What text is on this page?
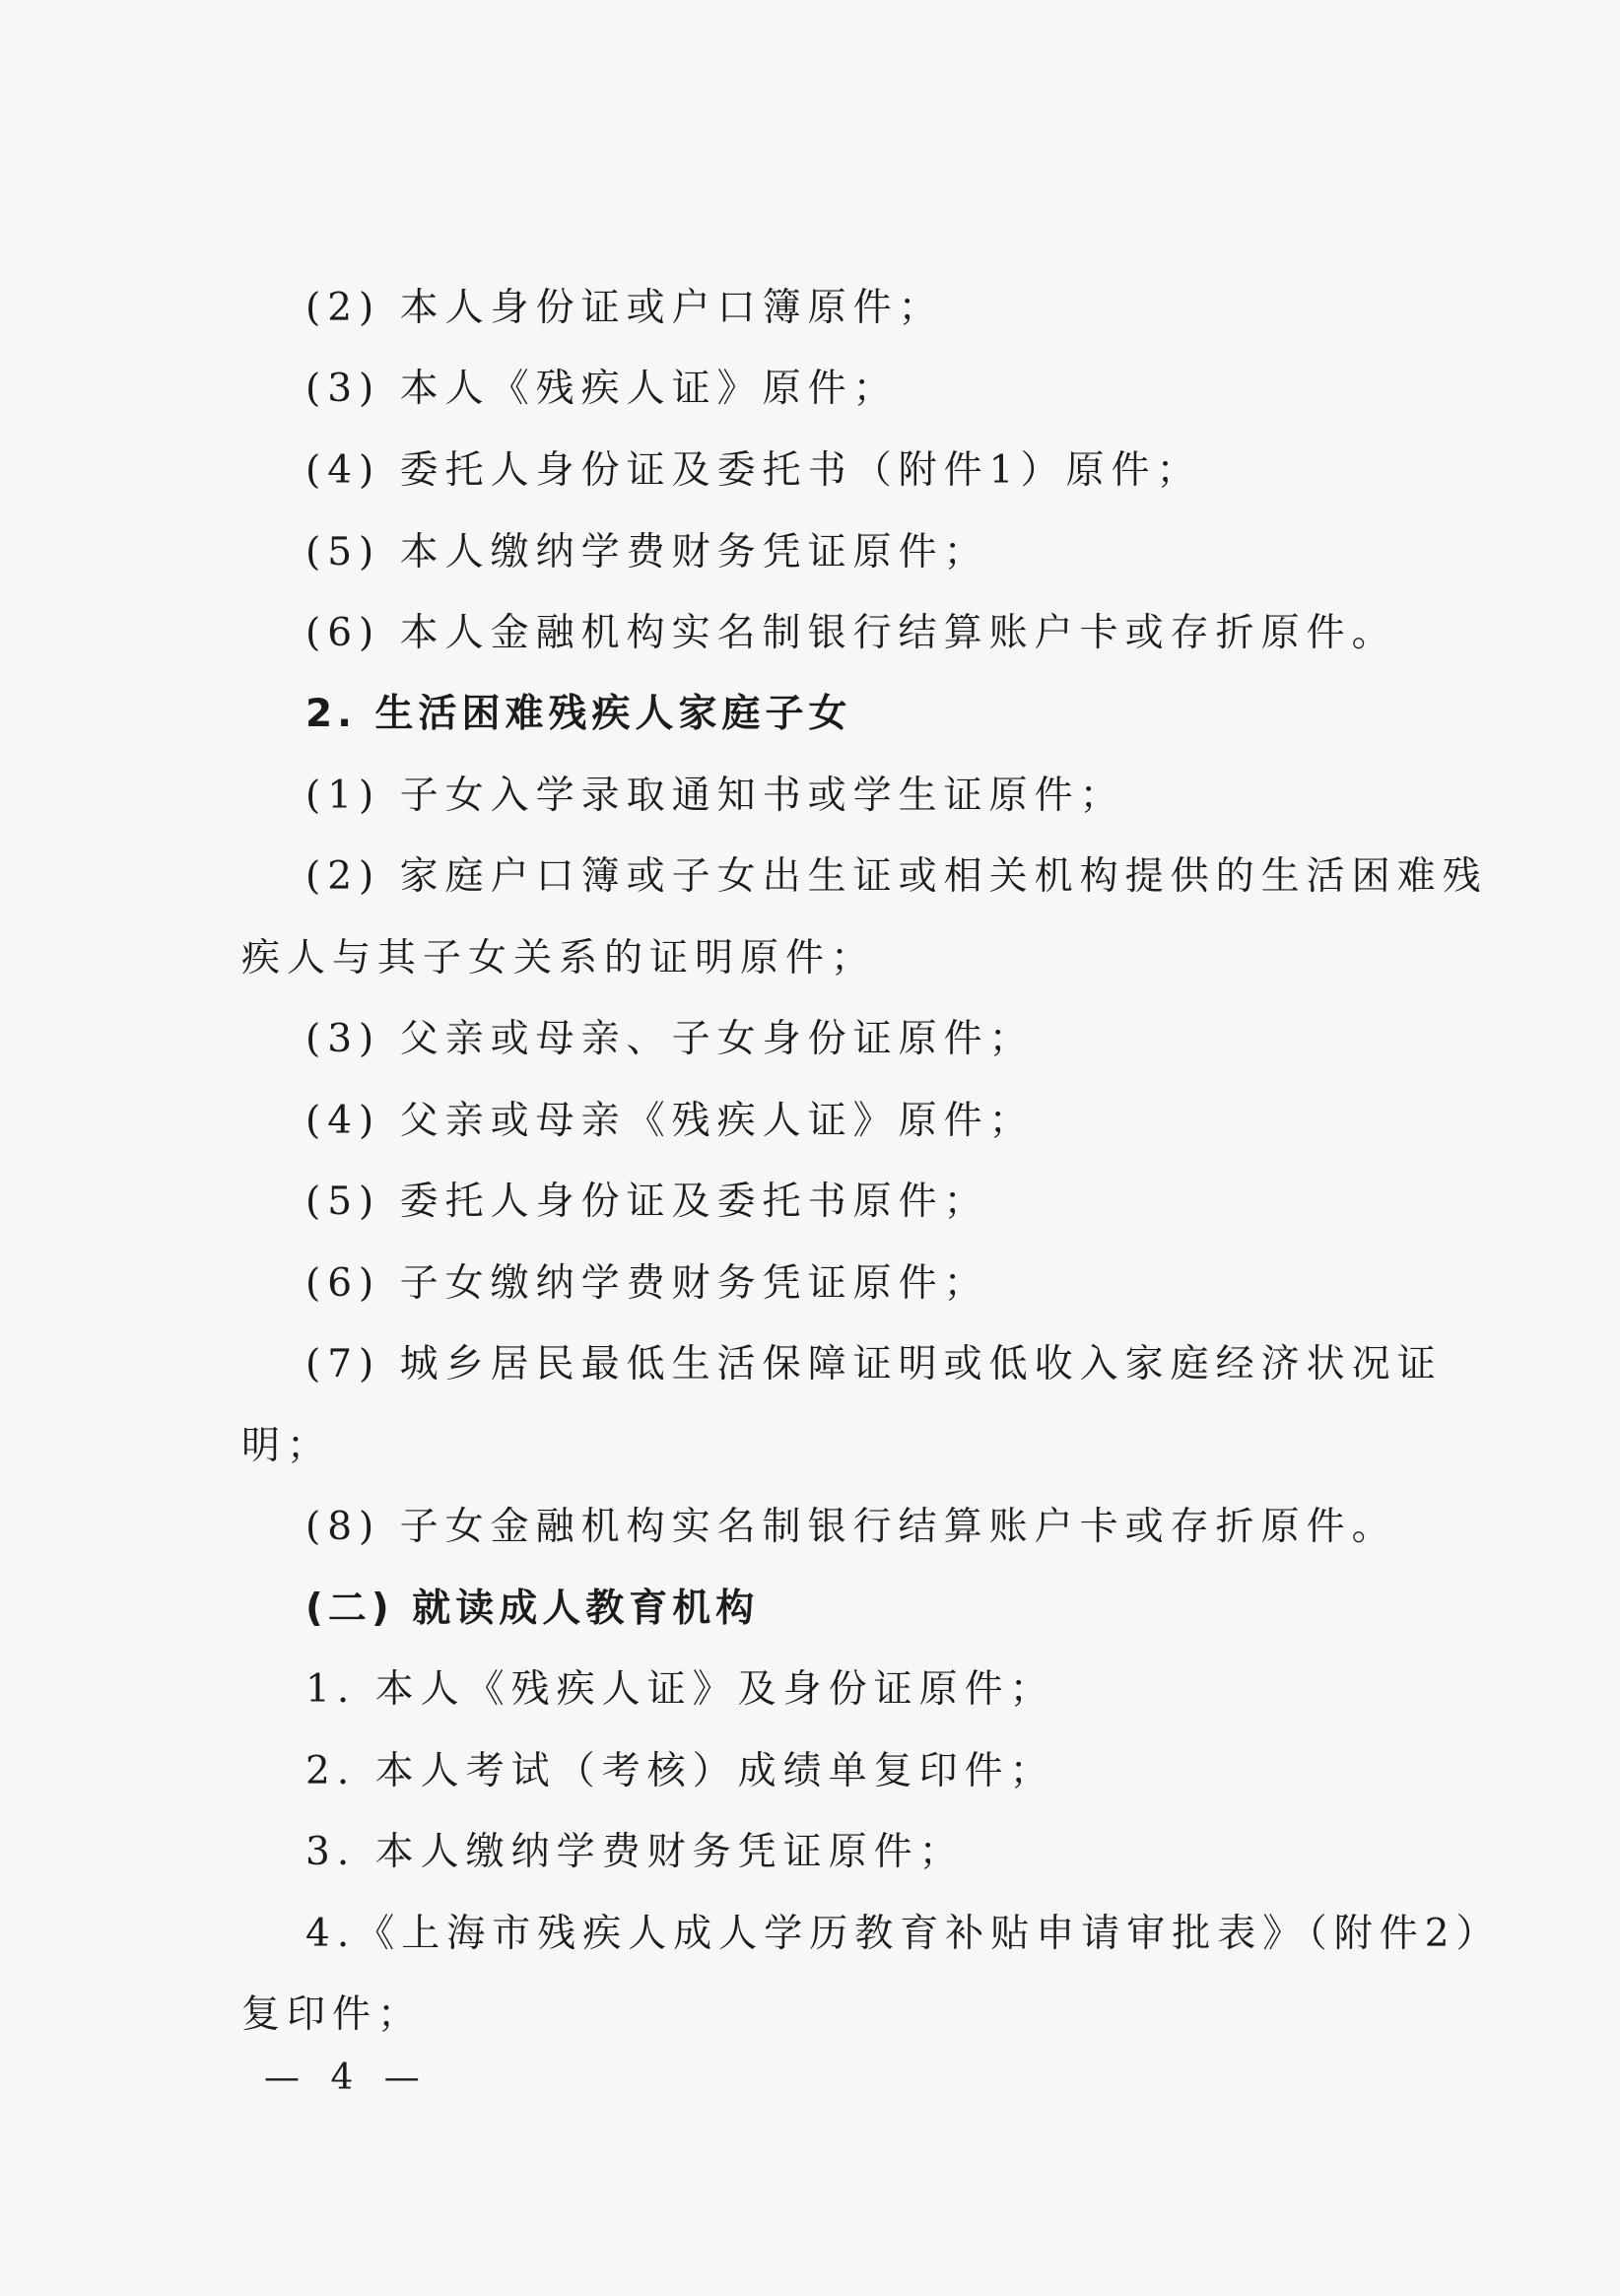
(2) 本人身份证或户口簿原件；
(3) 本人《残疾人证》原件；
(4) 委托人身份证及委托书（附件1）原件；
(5) 本人缴纳学费财务凭证原件；
(6) 本人金融机构实名制银行结算账户卡或存折原件。
2. 生活困难残疾人家庭子女
(1) 子女入学录取通知书或学生证原件；
(2) 家庭户口簿或子女出生证或相关机构提供的生活困难残
疾人与其子女关系的证明原件；
(3) 父亲或母亲、子女身份证原件；
(4) 父亲或母亲《残疾人证》原件；
(5) 委托人身份证及委托书原件；
(6) 子女缴纳学费财务凭证原件；
(7) 城乡居民最低生活保障证明或低收入家庭经济状况证
明；
(8) 子女金融机构实名制银行结算账户卡或存折原件。
(二) 就读成人教育机构
1. 本人《残疾人证》及身份证原件；
2. 本人考试（考核）成绩单复印件；
3. 本人缴纳学费财务凭证原件；
4.《上海市残疾人成人学历教育补贴申请审批表》（附件2）
复印件；
— 4 —
